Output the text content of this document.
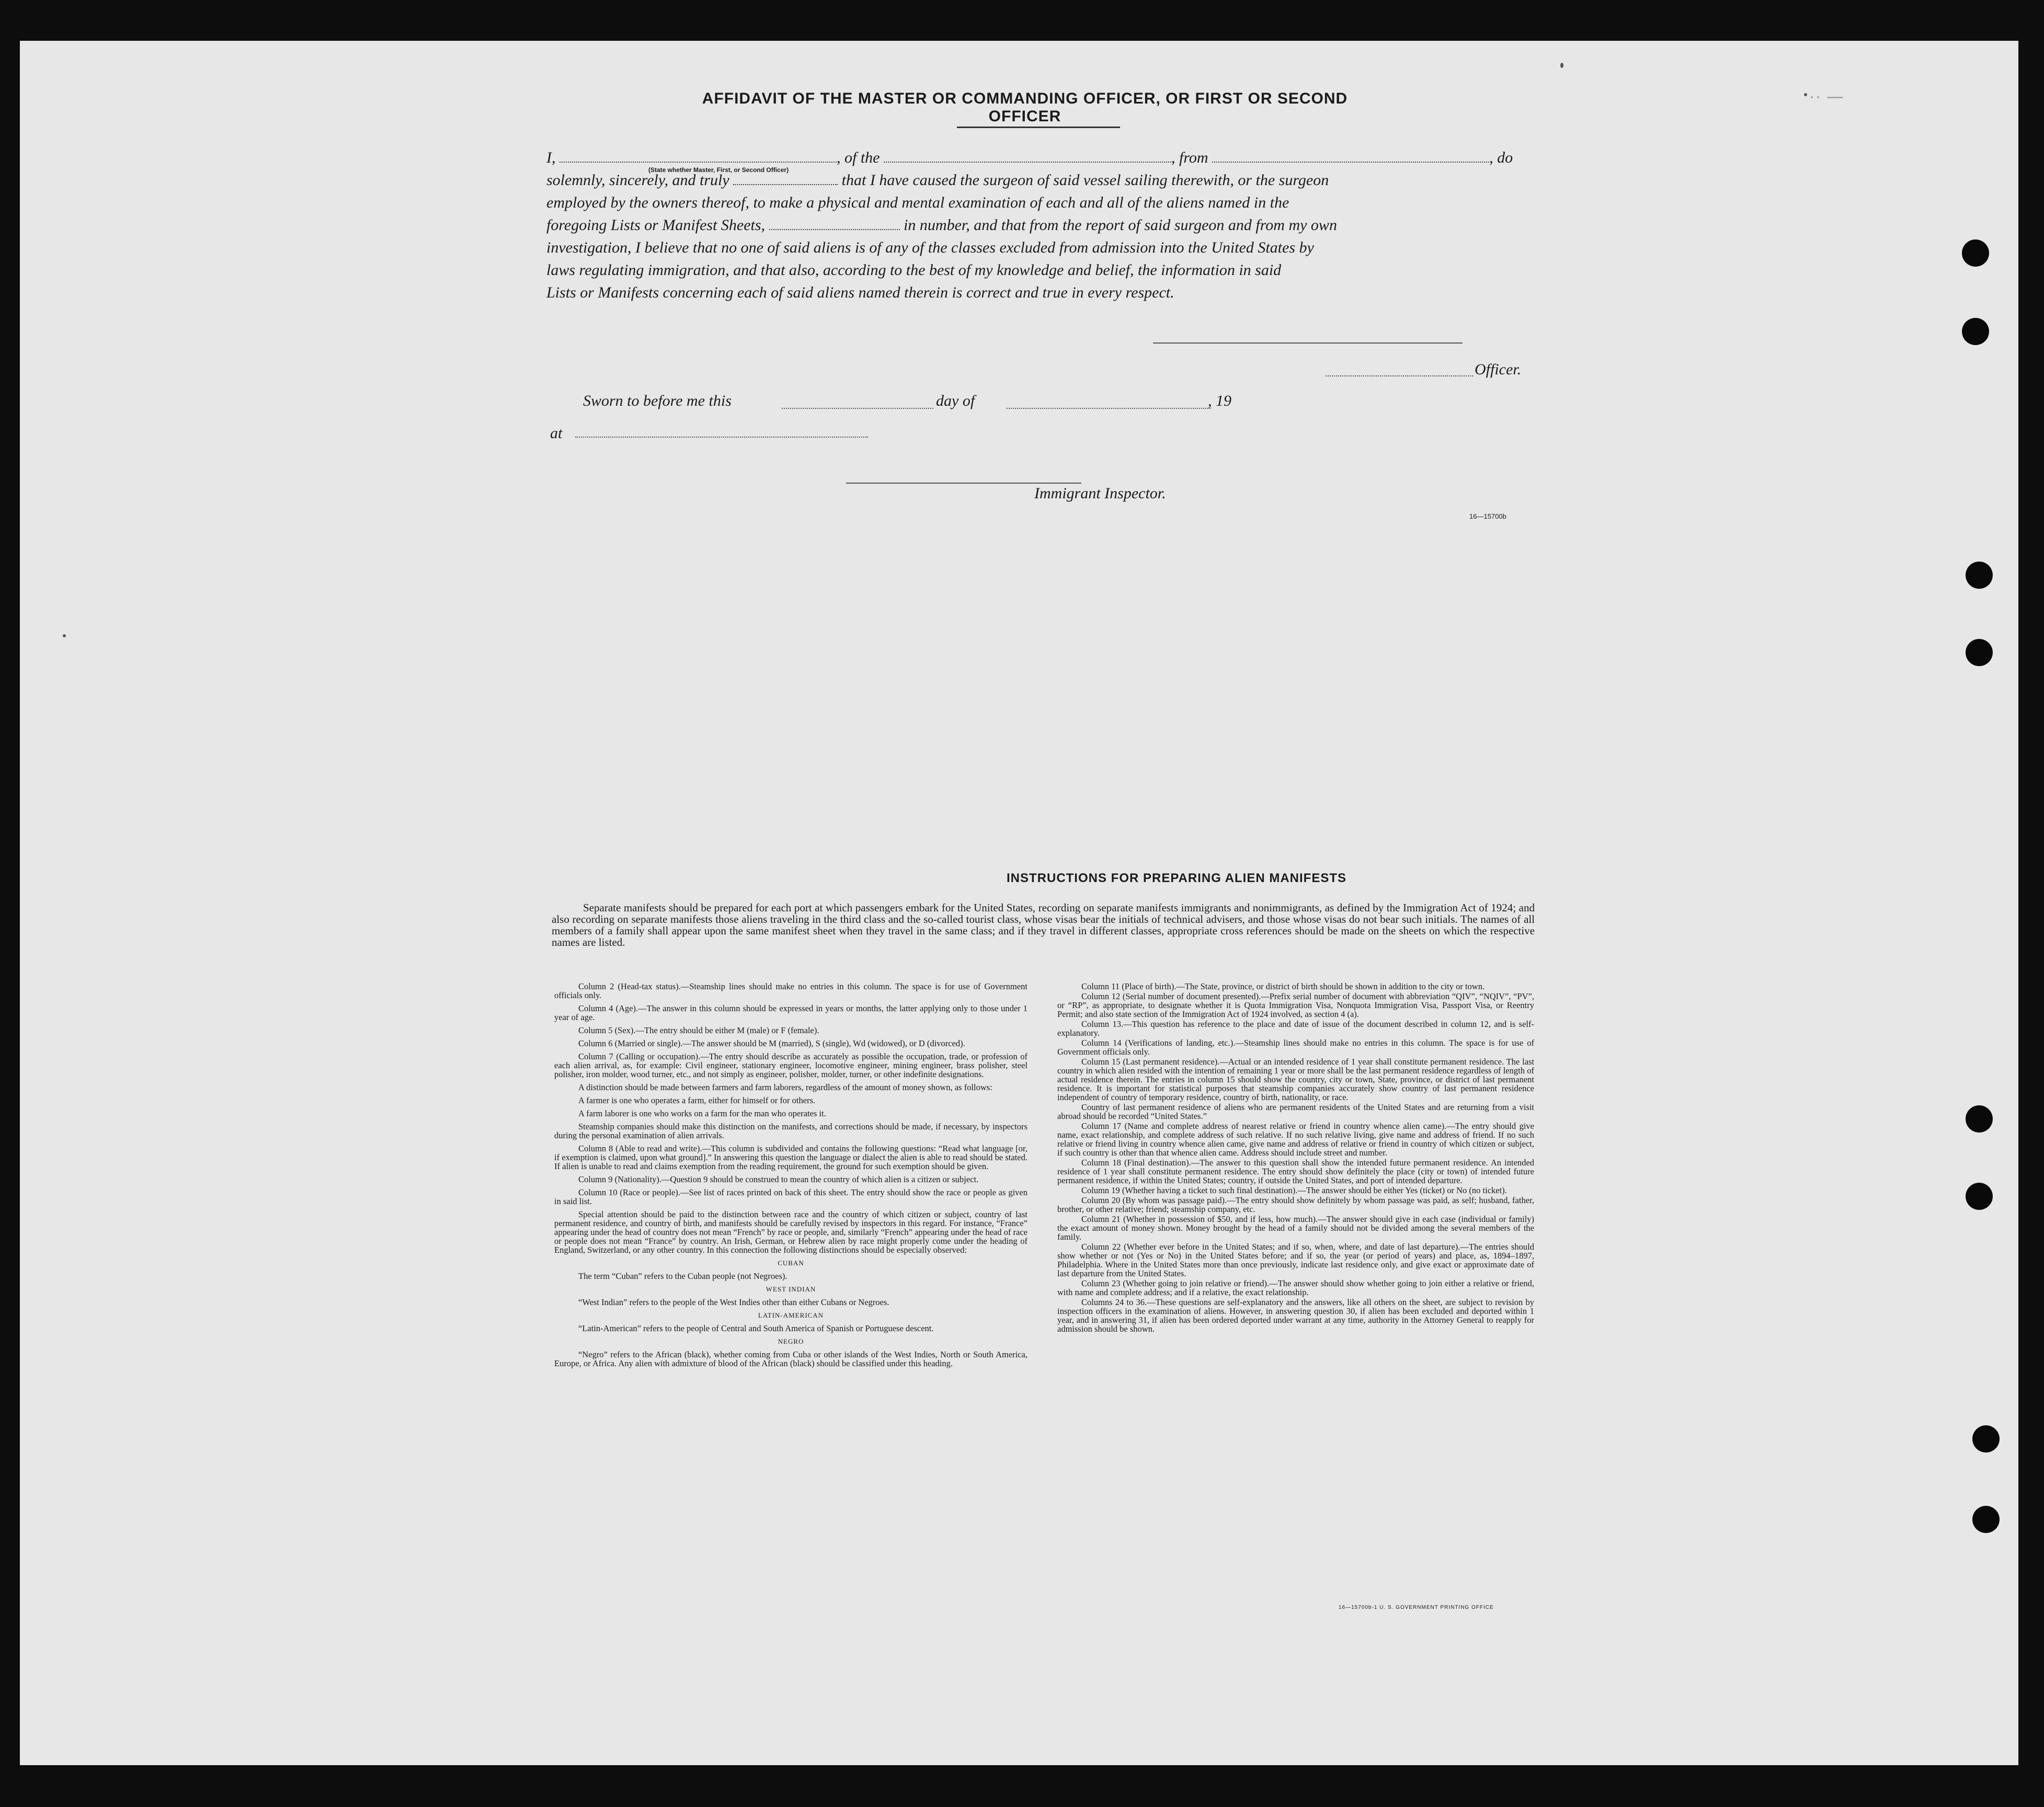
·· —
AFFIDAVIT OF THE MASTER OR COMMANDING OFFICER, OR FIRST OR SECOND OFFICER

I,	, of the	, from	, do

solemnly, sincerely, and truly	that I have caused the surgeon of said vessel sailing therewith, or the surgeon

employed by the owners thereof, to make a physical and mental examination of each and all of the aliens named in the

foregoing Lists or Manifest Sheets,	in number, and that from the report of said surgeon and from my own

investigation, I believe that no one of said aliens is of any of the classes excluded from admission into the United States by

laws regulating immigration, and that also, according to the best of my knowledge and belief, the information in said

Lists or Manifests concerning each of said aliens named therein is correct and true in every respect.

(State whether Master, First, or Second Officer)
Officer.
Sworn to before me this	day of	, 19
at
Immigrant Inspector.
16—15700b
INSTRUCTIONS FOR PREPARING ALIEN MANIFESTS

Separate manifests should be prepared for each port at which passengers embark for the United States, recording on separate manifests immigrants and nonimmigrants, as defined by the Immigration Act of 1924; and also recording on separate manifests those aliens traveling in the third class and the so-called tourist class, whose visas bear the initials of technical advisers, and those whose visas do not bear such initials. The names of all members of a family shall appear upon the same manifest sheet when they travel in the same class; and if they travel in different classes, appropriate cross references should be made on the sheets on which the respective names are listed.

Column 2 (Head-tax status).—Steamship lines should make no entries in this column. The space is for use of Government officials only.

Column 4 (Age).—The answer in this column should be expressed in years or months, the latter applying only to those under 1 year of age.

Column 5 (Sex).—The entry should be either M (male) or F (female).

Column 6 (Married or single).—The answer should be M (married), S (single), Wd (widowed), or D (divorced).

Column 7 (Calling or occupation).—The entry should describe as accurately as possible the occupation, trade, or profession of each alien arrival, as, for example: Civil engineer, stationary engineer, locomotive engineer, mining engineer, brass polisher, steel polisher, iron molder, wood turner, etc., and not simply as engineer, polisher, molder, turner, or other indefinite designations.

A distinction should be made between farmers and farm laborers, regardless of the amount of money shown, as follows:

A farmer is one who operates a farm, either for himself or for others.

A farm laborer is one who works on a farm for the man who operates it.

Steamship companies should make this distinction on the manifests, and corrections should be made, if necessary, by inspectors during the personal examination of alien arrivals.

Column 8 (Able to read and write).—This column is subdivided and contains the following questions: “Read what language [or, if exemption is claimed, upon what ground].” In answering this question the language or dialect the alien is able to read should be stated. If alien is unable to read and claims exemption from the reading requirement, the ground for such exemption should be given.

Column 9 (Nationality).—Question 9 should be construed to mean the country of which alien is a citizen or subject.

Column 10 (Race or people).—See list of races printed on back of this sheet. The entry should show the race or people as given in said list.

Special attention should be paid to the distinction between race and the country of which citizen or subject, country of last permanent residence, and country of birth, and manifests should be carefully revised by inspectors in this regard. For instance, “France” appearing under the head of country does not mean “French” by race or people, and, similarly “French” appearing under the head of race or people does not mean “France” by country. An Irish, German, or Hebrew alien by race might properly come under the heading of England, Switzerland, or any other country. In this connection the following distinctions should be especially observed:

CUBAN

The term “Cuban” refers to the Cuban people (not Negroes).

WEST INDIAN

“West Indian” refers to the people of the West Indies other than either Cubans or Negroes.

LATIN-AMERICAN

“Latin-American” refers to the people of Central and South America of Spanish or Portuguese descent.

NEGRO

“Negro” refers to the African (black), whether coming from Cuba or other islands of the West Indies, North or South America, Europe, or Africa. Any alien with admixture of blood of the African (black) should be classified under this heading.

Column 11 (Place of birth).—The State, province, or district of birth should be shown in addition to the city or town.

Column 12 (Serial number of document presented).—Prefix serial number of document with abbreviation “QIV”, “NQIV”, “PV”, or “RP”, as appropriate, to designate whether it is Quota Immigration Visa, Nonquota Immigration Visa, Passport Visa, or Reentry Permit; and also state section of the Immigration Act of 1924 involved, as section 4 (a).

Column 13.—This question has reference to the place and date of issue of the document described in column 12, and is self-explanatory.

Column 14 (Verifications of landing, etc.).—Steamship lines should make no entries in this column. The space is for use of Government officials only.

Column 15 (Last permanent residence).—Actual or an intended residence of 1 year shall constitute permanent residence. The last country in which alien resided with the intention of remaining 1 year or more shall be the last permanent residence regardless of length of actual residence therein. The entries in column 15 should show the country, city or town, State, province, or district of last permanent residence. It is important for statistical purposes that steamship companies accurately show country of last permanent residence independent of country of temporary residence, country of birth, nationality, or race.

Country of last permanent residence of aliens who are permanent residents of the United States and are returning from a visit abroad should be recorded “United States.”

Column 17 (Name and complete address of nearest relative or friend in country whence alien came).—The entry should give name, exact relationship, and complete address of such relative. If no such relative living, give name and address of friend. If no such relative or friend living in country whence alien came, give name and address of relative or friend in country of which citizen or subject, if such country is other than that whence alien came. Address should include street and number.

Column 18 (Final destination).—The answer to this question shall show the intended future permanent residence. An intended residence of 1 year shall constitute permanent residence. The entry should show definitely the place (city or town) of intended future permanent residence, if within the United States; country, if outside the United States, and port of intended departure.

Column 19 (Whether having a ticket to such final destination).—The answer should be either Yes (ticket) or No (no ticket).

Column 20 (By whom was passage paid).—The entry should show definitely by whom passage was paid, as self; husband, father, brother, or other relative; friend; steamship company, etc.

Column 21 (Whether in possession of $50, and if less, how much).—The answer should give in each case (individual or family) the exact amount of money shown. Money brought by the head of a family should not be divided among the several members of the family.

Column 22 (Whether ever before in the United States; and if so, when, where, and date of last departure).—The entries should show whether or not (Yes or No) in the United States before; and if so, the year (or period of years) and place, as, 1894–1897, Philadelphia. Where in the United States more than once previously, indicate last residence only, and give exact or approximate date of last departure from the United States.

Column 23 (Whether going to join relative or friend).—The answer should show whether going to join either a relative or friend, with name and complete address; and if a relative, the exact relationship.

Columns 24 to 36.—These questions are self-explanatory and the answers, like all others on the sheet, are subject to revision by inspection officers in the examination of aliens. However, in answering question 30, if alien has been excluded and deported within 1 year, and in answering 31, if alien has been ordered deported under warrant at any time, authority in the Attorney General to reapply for admission should be shown.

16—15700b-1 U. S. GOVERNMENT PRINTING OFFICE
